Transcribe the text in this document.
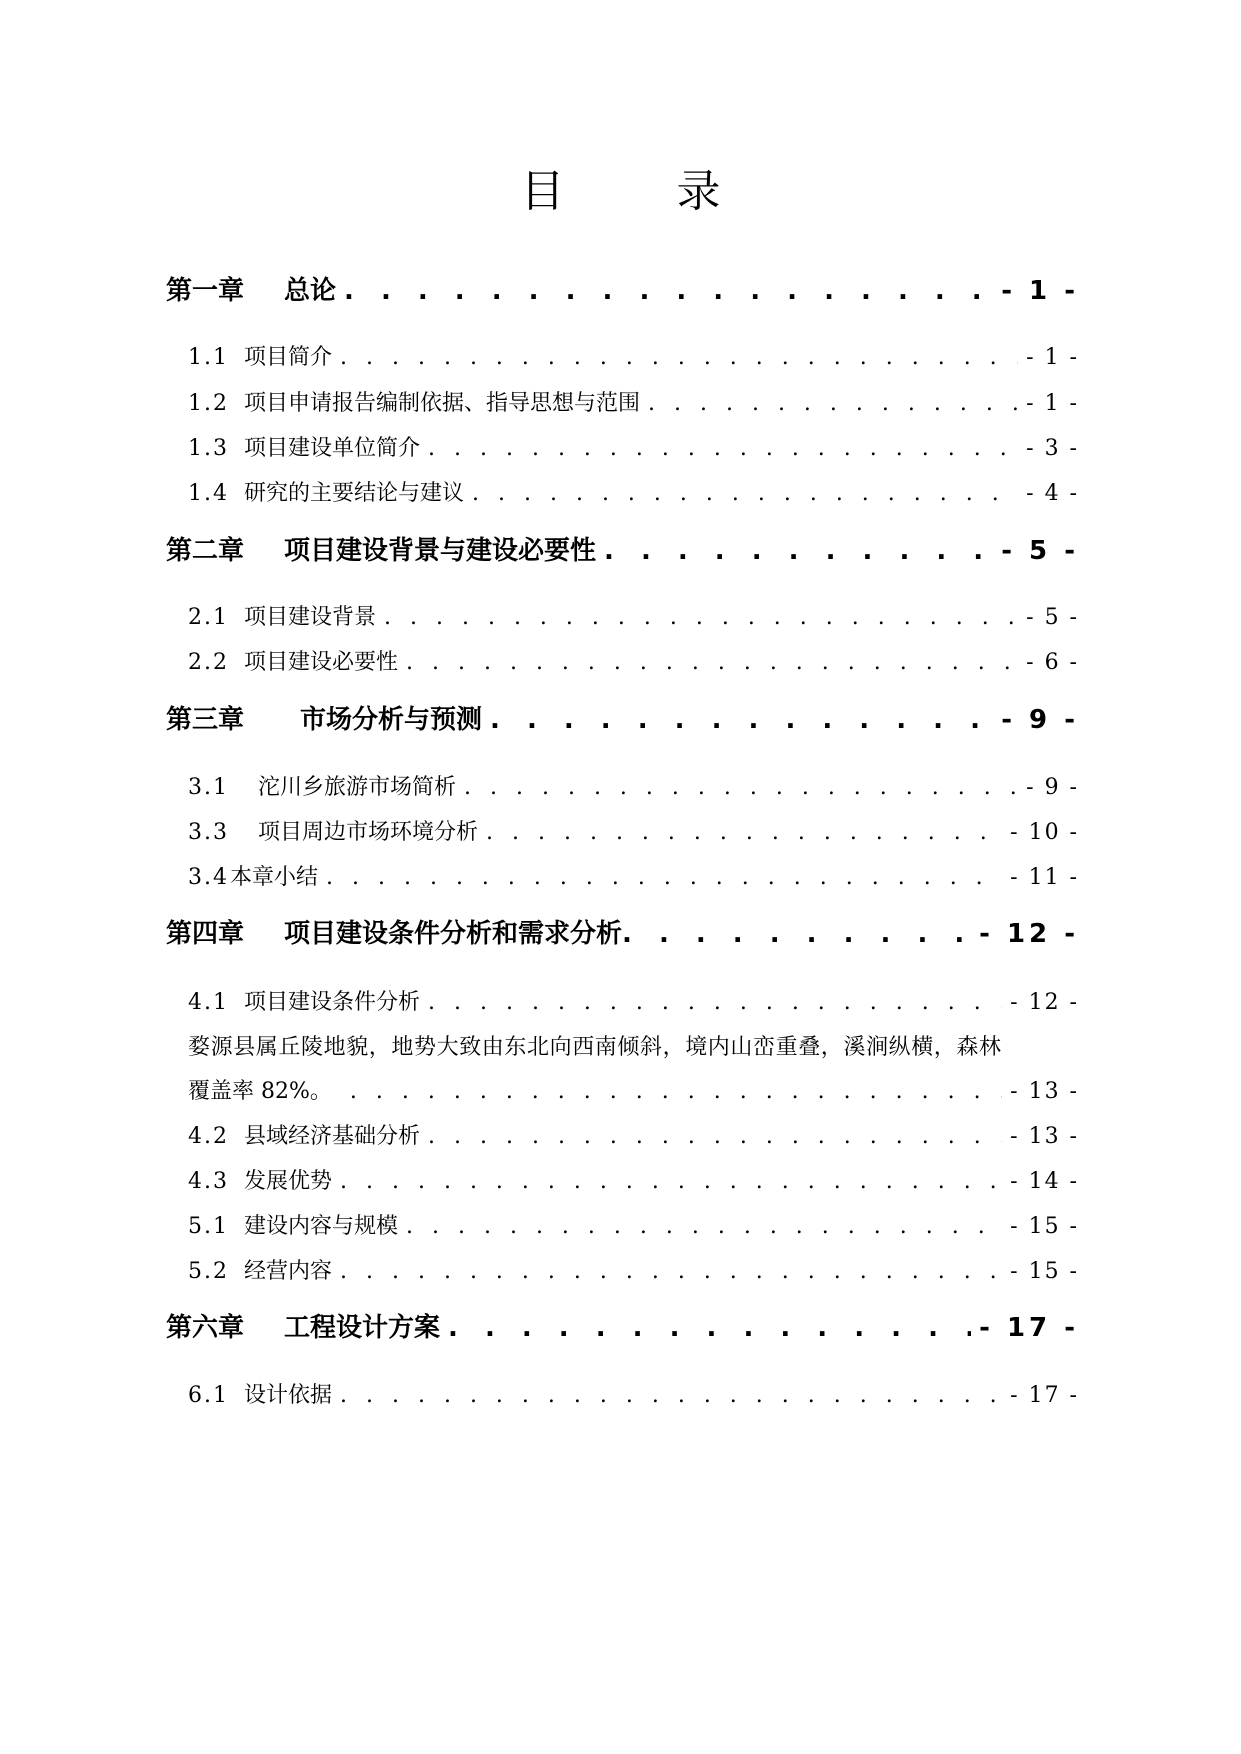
目　录
第一章	总论 . . .	- 1 -
1.1 项目简介 . . .	- 1 -
1.2 项目申请报告编制依据、指导思想与范围 . . .	- 1 -
1.3 项目建设单位简介 . . .	- 3 -
1.4 研究的主要结论与建议 . . .	- 4 -
第二章	项目建设背景与建设必要性 . . .	- 5 -
2.1 项目建设背景 . . .	- 5 -
2.2 项目建设必要性 . . .	- 6 -
第三章	市场分析与预测 . . .	- 9 -
3.1	沱川乡旅游市场简析 . . .	- 9 -
3.3	项目周边市场环境分析 . . .	- 10 -
3.4 本章小结 . . .	- 11 -
第四章	项目建设条件分析和需求分析 . . .	- 12 -
4.1 项目建设条件分析 . . .	- 12 -
婺源县属丘陵地貌，地势大致由东北向西南倾斜，境内山峦重叠，溪涧纵横，森林
覆盖率 82%。 . . .	- 13 -
4.2 县域经济基础分析 . . .	- 13 -
4.3 发展优势 . . .	- 14 -
5.1 建设内容与规模 . . .	- 15 -
5.2 经营内容 . . .	- 15 -
第六章	工程设计方案 . . .	- 17 -
6.1 设计依据 . . .	- 17 -
